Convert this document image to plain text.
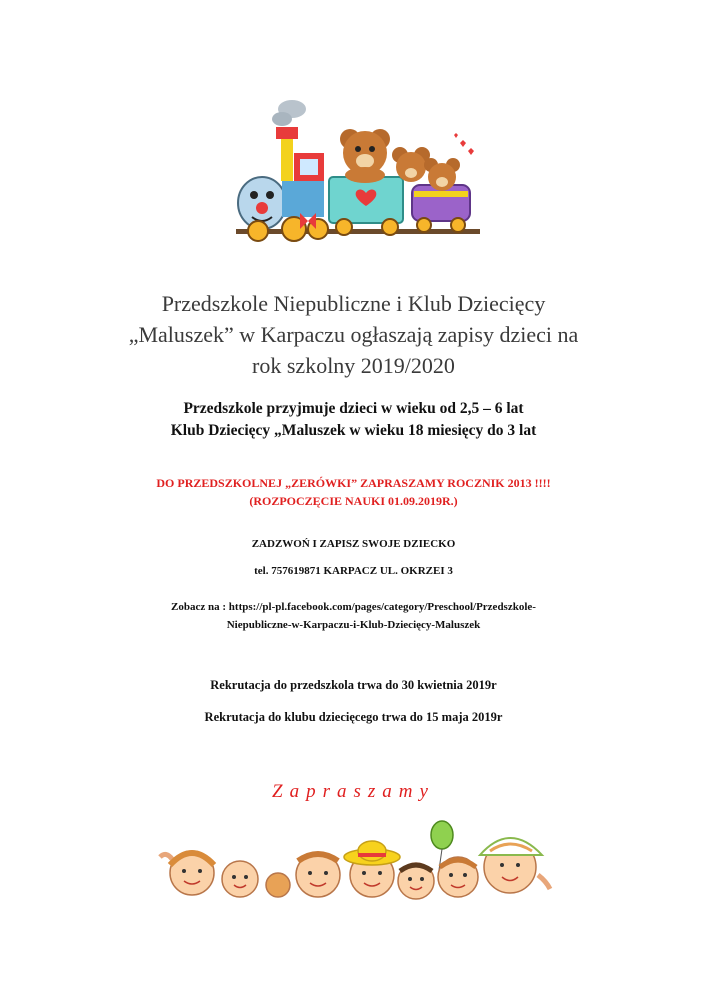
Przedszkole Niepubliczne i Klub Dziecięcy
„Maluszek” w Karpaczu ogłaszają zapisy dzieci na
rok szkolny 2019/2020
Przedszkole przyjmuje dzieci w wieku od 2,5 – 6 lat
Klub Dziecięcy „Maluszek w wieku 18 miesięcy do 3 lat
DO PRZEDSZKOLNEJ „ZERÓWKI” ZAPRASZAMY ROCZNIK 2013 !!!!
(ROZPOCZĘCIE NAUKI 01.09.2019R.)
ZADZWOŃ I ZAPISZ SWOJE DZIECKO
tel. 757619871 KARPACZ UL. OKRZEI 3
Zobacz na : https://pl-pl.facebook.com/pages/category/Preschool/Przedszkole-
Niepubliczne-w-Karpaczu-i-Klub-Dziecięcy-Maluszek
Rekrutacja do przedszkola trwa do 30 kwietnia 2019r
Rekrutacja do klubu dziecięcego trwa do 15 maja 2019r
Zapraszamy
